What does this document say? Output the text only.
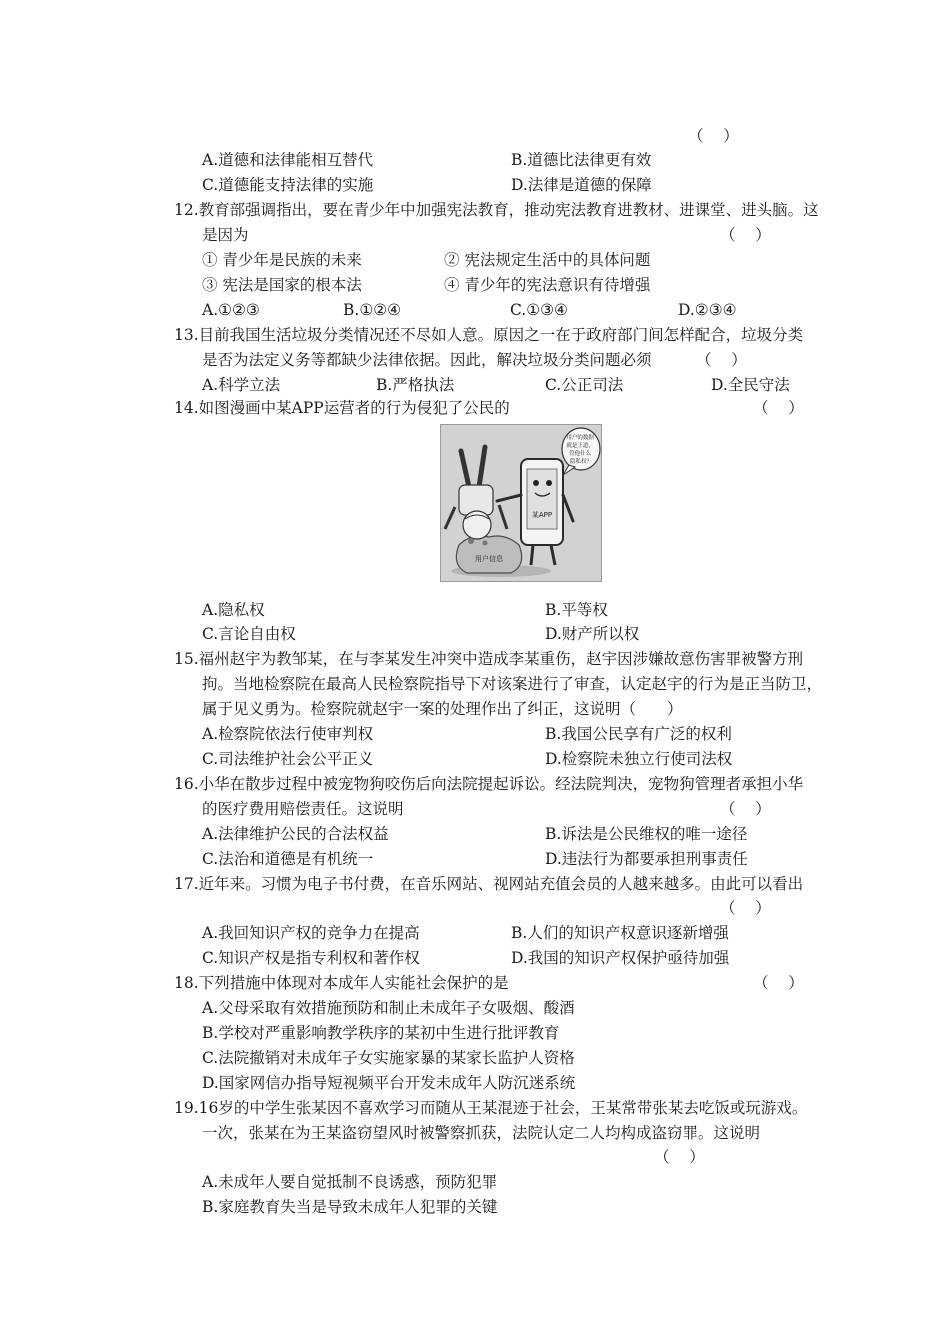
（    ）
A.道德和法律能相互替代	B.道德比法律更有效
C.道德能支持法律的实施	D.法律是道德的保障
12.教育部强调指出，要在青少年中加强宪法教育，推动宪法教育进教材、进课堂、进头脑。这
是因为	（    ）
① 青少年是民族的未来	② 宪法规定生活中的具体问题
③ 宪法是国家的根本法	④ 青少年的宪法意识有待增强
A.①②③	B.①②④	C.①③④	D.②③④
13.目前我国生活垃圾分类情况还不尽如人意。原因之一在于政府部门间怎样配合，垃圾分类
是否为法定义务等都缺少法律依据。因此，解决垃圾分类问题必须	（    ）
A.科学立法	B.严格执法	C.公正司法	D.全民守法
14.如图漫画中某APP运营者的行为侵犯了公民的	（    ）
用户信息
某APP
用户的数据 就是王道， 管他什么 隐私权？
A.隐私权	B.平等权
C.言论自由权	D.财产所以权
15.福州赵宇为教邹某，在与李某发生冲突中造成李某重伤，赵宇因涉嫌故意伤害罪被警方刑
拘。当地检察院在最高人民检察院指导下对该案进行了审查，认定赵宇的行为是正当防卫，
属于见义勇为。检察院就赵宇一案的处理作出了纠正，这说明（　　）
A.检察院依法行使审判权	B.我国公民享有广泛的权利
C.司法维护社会公平正义	D.检察院未独立行使司法权
16.小华在散步过程中被宠物狗咬伤后向法院提起诉讼。经法院判决，宠物狗管理者承担小华
的医疗费用赔偿责任。这说明	（    ）
A.法律维护公民的合法权益	B.诉法是公民维权的唯一途径
C.法治和道德是有机统一	D.违法行为都要承担刑事责任
17.近年来。习惯为电子书付费，在音乐网站、视网站充值会员的人越来越多。由此可以看出
（    ）
A.我回知识产权的竞争力在提高	B.人们的知识产权意识逐新增强
C.知识产权是指专利权和著作权	D.我国的知识产权保护亟待加强
18.下列措施中体现对本成年人实能社会保护的是	（    ）
A.父母采取有效措施预防和制止未成年子女吸烟、酸酒
B.学校对严重影响教学秩序的某初中生进行批评教育
C.法院撤销对未成年子女实施家暴的某家长监护人资格
D.国家网信办指导短视频平台开发未成年人防沉迷系统
19.16岁的中学生张某因不喜欢学习而随从王某混迹于社会，王某常带张某去吃饭或玩游戏。
一次，张某在为王某盗窃望风时被警察抓获，法院认定二人均构成盗窃罪。这说明
（    ）
A.未成年人要自觉抵制不良诱惑，预防犯罪
B.家庭教育失当是导致未成年人犯罪的关键
